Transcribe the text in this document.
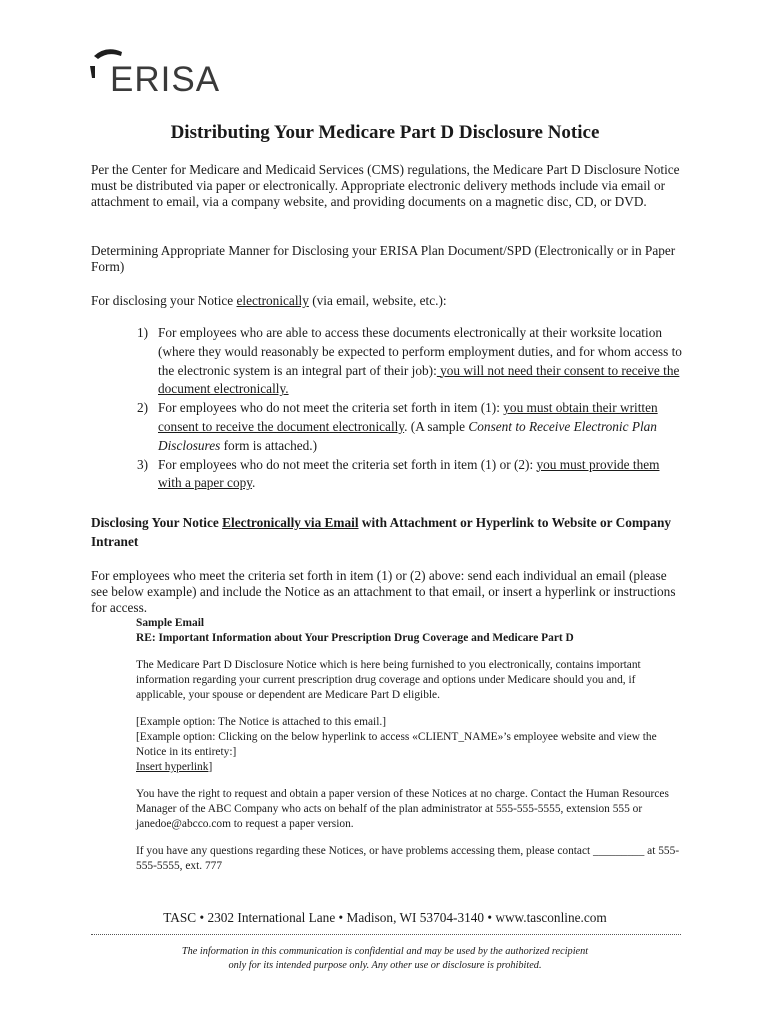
ERISA
Distributing Your Medicare Part D Disclosure Notice
Per the Center for Medicare and Medicaid Services (CMS) regulations, the Medicare Part D Disclosure Notice must be distributed via paper or electronically. Appropriate electronic delivery methods include via email or attachment to email, via a company website, and providing documents on a magnetic disc, CD, or DVD.
Determining Appropriate Manner for Disclosing your ERISA Plan Document/SPD (Electronically or in Paper Form)
For disclosing your Notice electronically (via email, website, etc.):
1) For employees who are able to access these documents electronically at their worksite location (where they would reasonably be expected to perform employment duties, and for whom access to the electronic system is an integral part of their job): you will not need their consent to receive the document electronically.
2) For employees who do not meet the criteria set forth in item (1): you must obtain their written consent to receive the document electronically. (A sample Consent to Receive Electronic Plan Disclosures form is attached.)
3) For employees who do not meet the criteria set forth in item (1) or (2): you must provide them with a paper copy.
Disclosing Your Notice Electronically via Email with Attachment or Hyperlink to Website or Company Intranet
For employees who meet the criteria set forth in item (1) or (2) above: send each individual an email (please see below example) and include the Notice as an attachment to that email, or insert a hyperlink or instructions for access.
Sample Email
RE: Important Information about Your Prescription Drug Coverage and Medicare Part D
The Medicare Part D Disclosure Notice which is here being furnished to you electronically, contains important information regarding your current prescription drug coverage and options under Medicare should you and, if applicable, your spouse or dependent are Medicare Part D eligible.
[Example option: The Notice is attached to this email.]
[Example option: Clicking on the below hyperlink to access «CLIENT_NAME»’s employee website and view the Notice in its entirety:]
Insert hyperlink]
You have the right to request and obtain a paper version of these Notices at no charge. Contact the Human Resources Manager of the ABC Company who acts on behalf of the plan administrator at 555-555-5555, extension 555 or janedoe@abcco.com to request a paper version.
If you have any questions regarding these Notices, or have problems accessing them, please contact _________ at 555-555-5555, ext. 777
TASC • 2302 International Lane • Madison, WI 53704-3140 • www.tasconline.com
The information in this communication is confidential and may be used by the authorized recipient only for its intended purpose only. Any other use or disclosure is prohibited.
